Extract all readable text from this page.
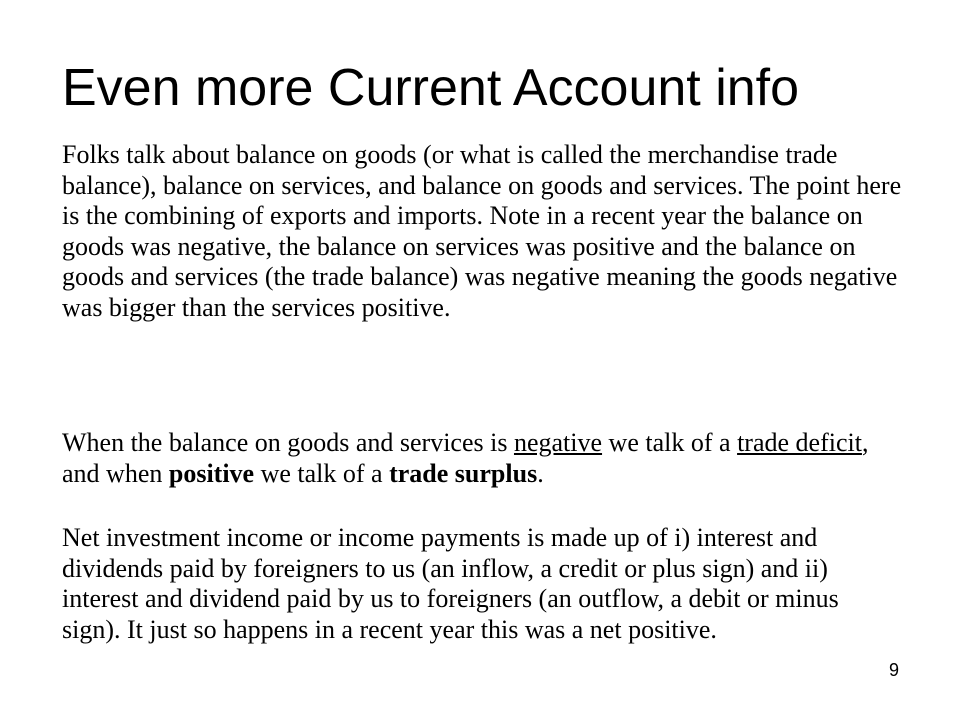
Even more Current Account info

Folks talk about balance on goods (or what is called the merchandise trade balance), balance on services, and balance on goods and services. The point here is the combining of exports and imports. Note in a recent year the balance on goods was negative, the balance on services was positive and the balance on goods and services (the trade balance) was negative meaning the goods negative was bigger than the services positive.

When the balance on goods and services is negative we talk of a trade deficit, and when positive we talk of a trade surplus.

Net investment income or income payments is made up of i) interest and dividends paid by foreigners to us (an inflow, a credit or plus sign) and ii) interest and dividend paid by us to foreigners (an outflow, a debit or minus sign). It just so happens in a recent year this was a net positive.

9
